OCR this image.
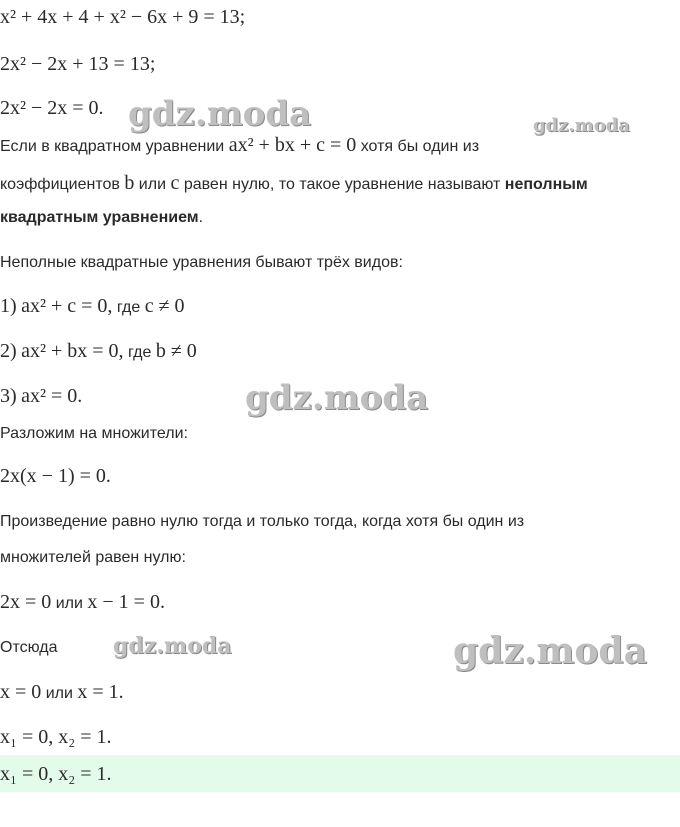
x² + 4x + 4 + x² − 6x + 9 = 13;
2x² − 2x + 13 = 13;
2x² − 2x = 0.
Если в квадратном уравнении ax² + bx + c = 0 хотя бы один из
коэффициентов b или c равен нулю, то такое уравнение называют неполным
квадратным уравнением.
Неполные квадратные уравнения бывают трёх видов:
1) ax² + c = 0, где c ≠ 0
2) ax² + bx = 0, где b ≠ 0
3) ax² = 0.
Разложим на множители:
2x(x − 1) = 0.
Произведение равно нулю тогда и только тогда, когда хотя бы один из
множителей равен нулю:
2x = 0 или x − 1 = 0.
Отсюда
x = 0 или x = 1.
x₁ = 0, x₂ = 1.
x₁ = 0, x₂ = 1.
gdz.moda	gdz.moda
gdz.moda
gdz.moda	gdz.moda
